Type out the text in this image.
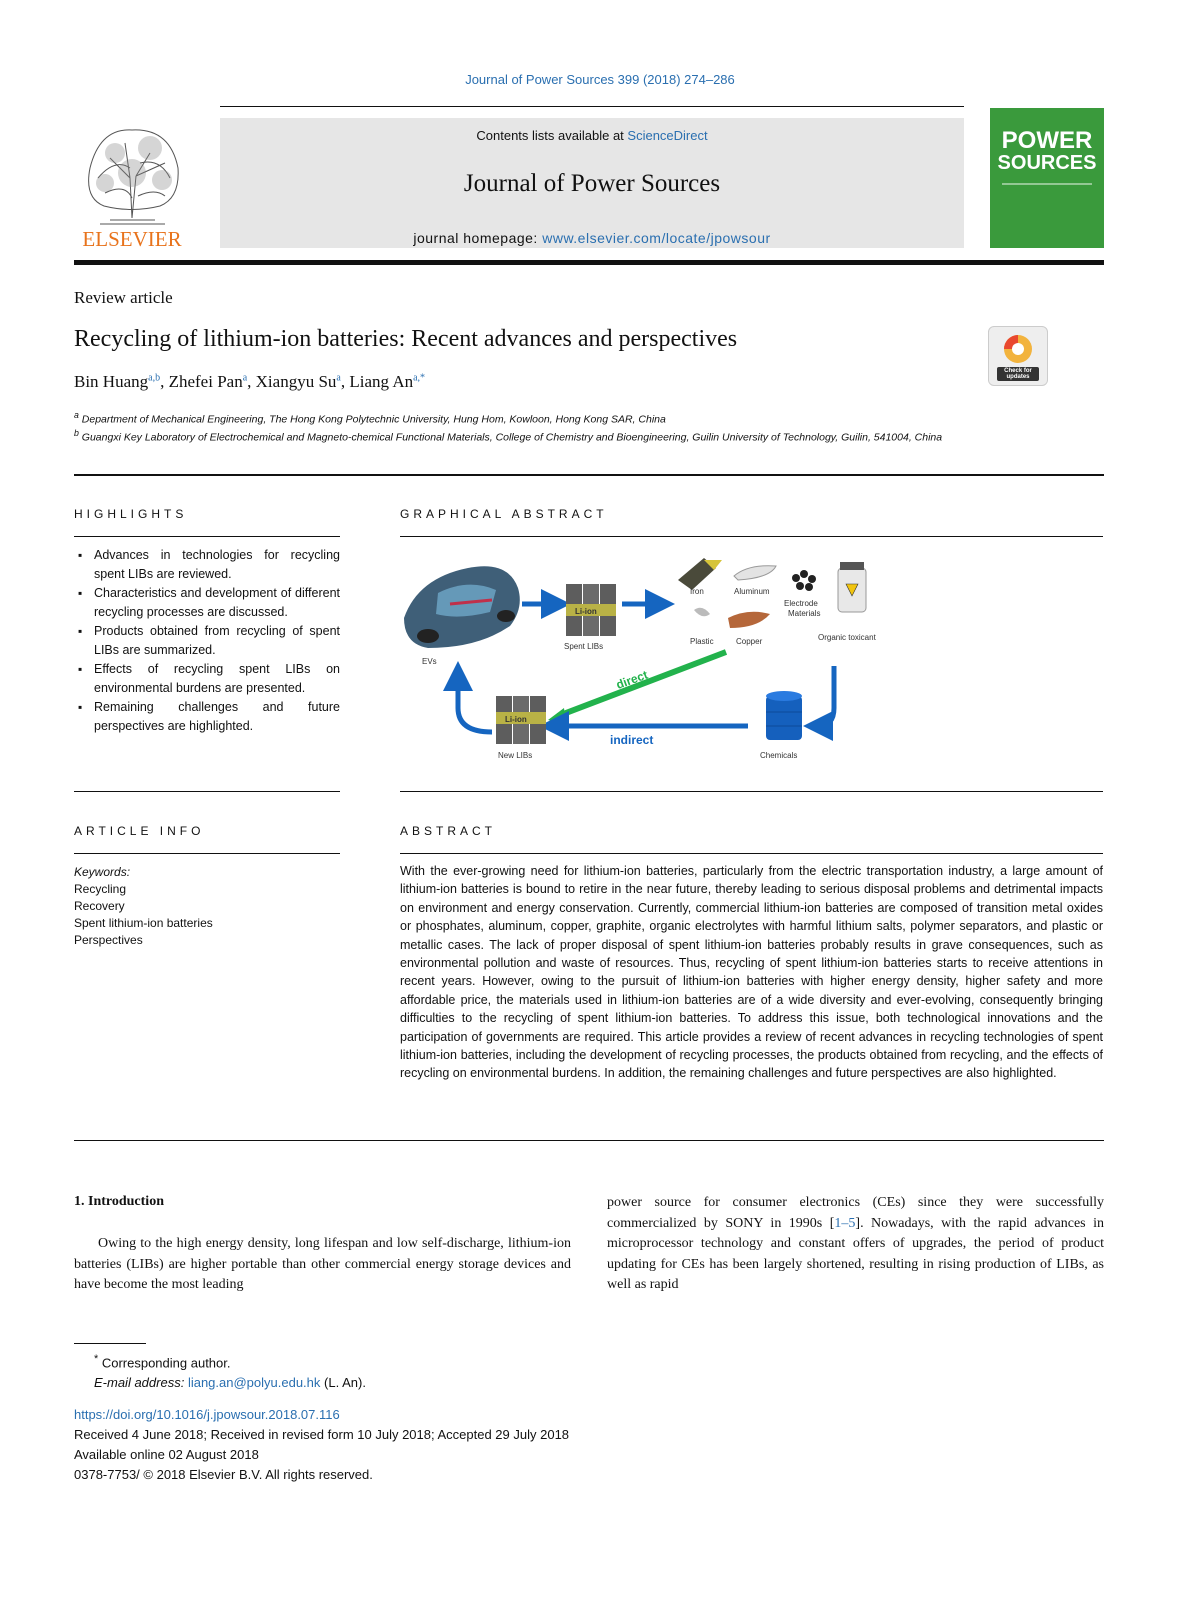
Journal of Power Sources 399 (2018) 274–286
ELSEVIER
Contents lists available at ScienceDirect
Journal of Power Sources
journal homepage: www.elsevier.com/locate/jpowsour
POWER
SOURCES
Review article
Recycling of lithium-ion batteries: Recent advances and perspectives
Check for updates
Bin Huang$^{a,b}$, Zhefei Pan$^a$, Xiangyu Su$^a$, Liang $An^{a,*}$
$^a$ Department of Mechanical Engineering, The Hong Kong Polytechnic University, Hung Hom, Kowloon, Hong Kong SAR, China
$^b$ Guangxi Key Laboratory of Electrochemical and Magneto-chemical Functional Materials, College of Chemistry and Bioengineering, Guilin University of Technology, Guilin, 541004, China
HIGHLIGHTS
▪ Advances in technologies for recycling spent LIBs are reviewed.
▪ Characteristics and development of different recycling processes are discussed.
▪ Products obtained from recycling of spent LIBs are summarized.
▪ Effects of recycling spent LIBs on environmental burdens are presented.
▪ Remaining challenges and future perspectives are highlighted.
GRAPHICAL ABSTRACT
EVs
Li-ion
Spent LIBs
Iron	Aluminum
Electrode
Materials
Organic toxicant
Plastic	Copper
direct
Chemicals
indirect
Li-ion
New LIBs
ARTICLE INFO
Keywords:
Recycling
Recovery
Spent lithium-ion batteries
Perspectives
ABSTRACT
With the ever-growing need for lithium-ion batteries, particularly from the electric transportation industry, a large amount of lithium-ion batteries is bound to retire in the near future, thereby leading to serious disposal problems and detrimental impacts on environment and energy conservation. Currently, commercial lithium-ion batteries are composed of transition metal oxides or phosphates, aluminum, copper, graphite, organic electrolytes with harmful lithium salts, polymer separators, and plastic or metallic cases. The lack of proper disposal of spent lithium-ion batteries probably results in grave consequences, such as environmental pollution and waste of resources. Thus, recycling of spent lithium-ion batteries starts to receive attentions in recent years. However, owing to the pursuit of lithium-ion batteries with higher energy density, higher safety and more affordable price, the materials used in lithium-ion batteries are of a wide diversity and ever-evolving, consequently bringing difficulties to the recycling of spent lithium-ion batteries. To address this issue, both technological innovations and the participation of governments are required. This article provides a review of recent advances in recycling technologies of spent lithium-ion batteries, including the development of recycling processes, the products obtained from recycling, and the effects of recycling on environmental burdens. In addition, the remaining challenges and future perspectives are also highlighted.
1. Introduction
Owing to the high energy density, long lifespan and low self-discharge, lithium-ion batteries (LIBs) are higher portable than other commercial energy storage devices and have become the most leading
power source for consumer electronics (CEs) since they were successfully commercialized by SONY in 1990s [1–5]. Nowadays, with the rapid advances in microprocessor technology and constant offers of upgrades, the period of product updating for CEs has been largely shortened, resulting in rising production of LIBs, as well as rapid
* Corresponding author.
E-mail address: liang.an@polyu.edu.hk (L. An).
https://doi.org/10.1016/j.jpowsour.2018.07.116
Received 4 June 2018; Received in revised form 10 July 2018; Accepted 29 July 2018
Available online 02 August 2018
0378-7753/ © 2018 Elsevier B.V. All rights reserved.
